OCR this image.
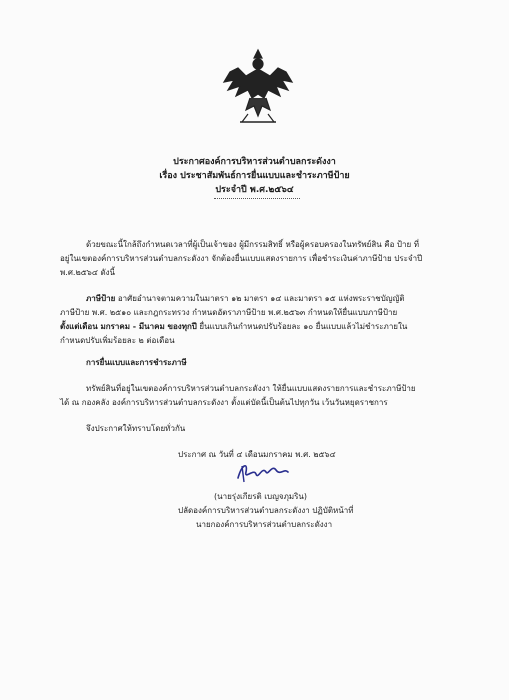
ประกาศองค์การบริหารส่วนตำบลกระดังงา
เรื่อง ประชาสัมพันธ์การยื่นแบบและชำระภาษีป้าย
ประจำปี พ.ศ.๒๕๖๔
ด้วยขณะนี้ใกล้ถึงกำหนดเวลาที่ผู้เป็นเจ้าของ ผู้มีกรรมสิทธิ์ หรือผู้ครอบครองในทรัพย์สิน คือ ป้าย ที่
อยู่ในเขตองค์การบริหารส่วนตำบลกระดังงา จักต้องยื่นแบบแสดงรายการ เพื่อชำระเงินค่าภาษีป้าย ประจำปี
พ.ศ.๒๕๖๔ ดังนี้
ภาษีป้าย อาศัยอำนาจตามความในมาตรา ๑๒ มาตรา ๑๔ และมาตรา ๑๕ แห่งพระราชบัญญัติ
ภาษีป้าย พ.ศ. ๒๕๑๐ และกฎกระทรวง กำหนดอัตราภาษีป้าย พ.ศ.๒๕๖๓ กำหนดให้ยื่นแบบภาษีป้าย
ตั้งแต่เดือน มกราคม - มีนาคม ของทุกปี ยื่นแบบเกินกำหนดปรับร้อยละ ๑๐ ยื่นแบบแล้วไม่ชำระภายใน
กำหนดปรับเพิ่มร้อยละ ๒ ต่อเดือน
การยื่นแบบและการชำระภาษี
ทรัพย์สินที่อยู่ในเขตองค์การบริหารส่วนตำบลกระดังงา ให้ยื่นแบบแสดงรายการและชำระภาษีป้าย
ได้ ณ กองคลัง องค์การบริหารส่วนตำบลกระดังงา ตั้งแต่บัดนี้เป็นต้นไปทุกวัน เว้นวันหยุดราชการ
จึงประกาศให้ทราบโดยทั่วกัน
ประกาศ ณ วันที่ ๔ เดือนมกราคม พ.ศ. ๒๕๖๔
(นายรุ่งเกียรติ เบญจภุมริน)
ปลัดองค์การบริหารส่วนตำบลกระดังงา ปฏิบัติหน้าที่
นายกองค์การบริหารส่วนตำบลกระดังงา
